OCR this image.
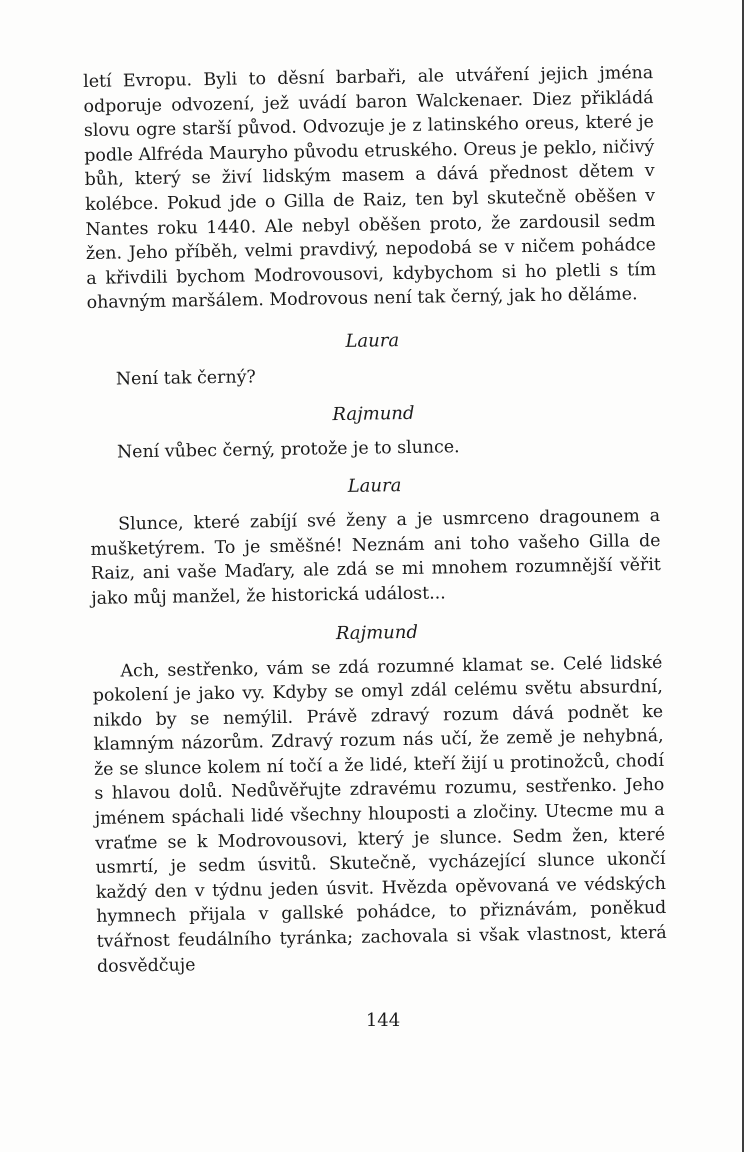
letí Evropu. Byli to děsní barbaři, ale utváření jejich jména odporuje odvození, jež uvádí baron Walckenaer. Diez přikládá slovu ogre starší původ. Odvozuje je z latinského oreus, které je podle Alfréda Mauryho původu etruského. Oreus je peklo, ničivý bůh, který se živí lidským masem a dává přednost dětem v kolébce. Pokud jde o Gilla de Raiz, ten byl skutečně oběšen v Nantes roku 1440. Ale nebyl oběšen proto, že zardousil sedm žen. Jeho příběh, velmi pravdivý, nepodobá se v ničem pohádce a křivdili bychom Modrovousovi, kdybychom si ho pletli s tím ohavným maršálem. Modrovous není tak černý, jak ho děláme.

Laura

Není tak černý?

Rajmund

Není vůbec černý, protože je to slunce.

Laura

Slunce, které zabíjí své ženy a je usmrceno dragounem a mušketýrem. To je směšné! Neznám ani toho vašeho Gilla de Raiz, ani vaše Maďary, ale zdá se mi mnohem rozumnější věřit jako můj manžel, že historická událost...

Rajmund

Ach, sestřenko, vám se zdá rozumné klamat se. Celé lidské pokolení je jako vy. Kdyby se omyl zdál celému světu absurdní, nikdo by se nemýlil. Právě zdravý rozum dává podnět ke klamným názorům. Zdravý rozum nás učí, že země je nehybná, že se slunce kolem ní točí a že lidé, kteří žijí u protinožců, chodí s hlavou dolů. Nedůvěřujte zdravému rozumu, sestřenko. Jeho jménem spáchali lidé všechny hlouposti a zločiny. Utecme mu a vraťme se k Modrovousovi, který je slunce. Sedm žen, které usmrtí, je sedm úsvitů. Skutečně, vycházející slunce ukončí každý den v týdnu jeden úsvit. Hvězda opěvovaná ve védských hymnech přijala v gallské pohádce, to přiznávám, poněkud tvářnost feudálního tyránka; zachovala si však vlastnost, která dosvědčuje

144
